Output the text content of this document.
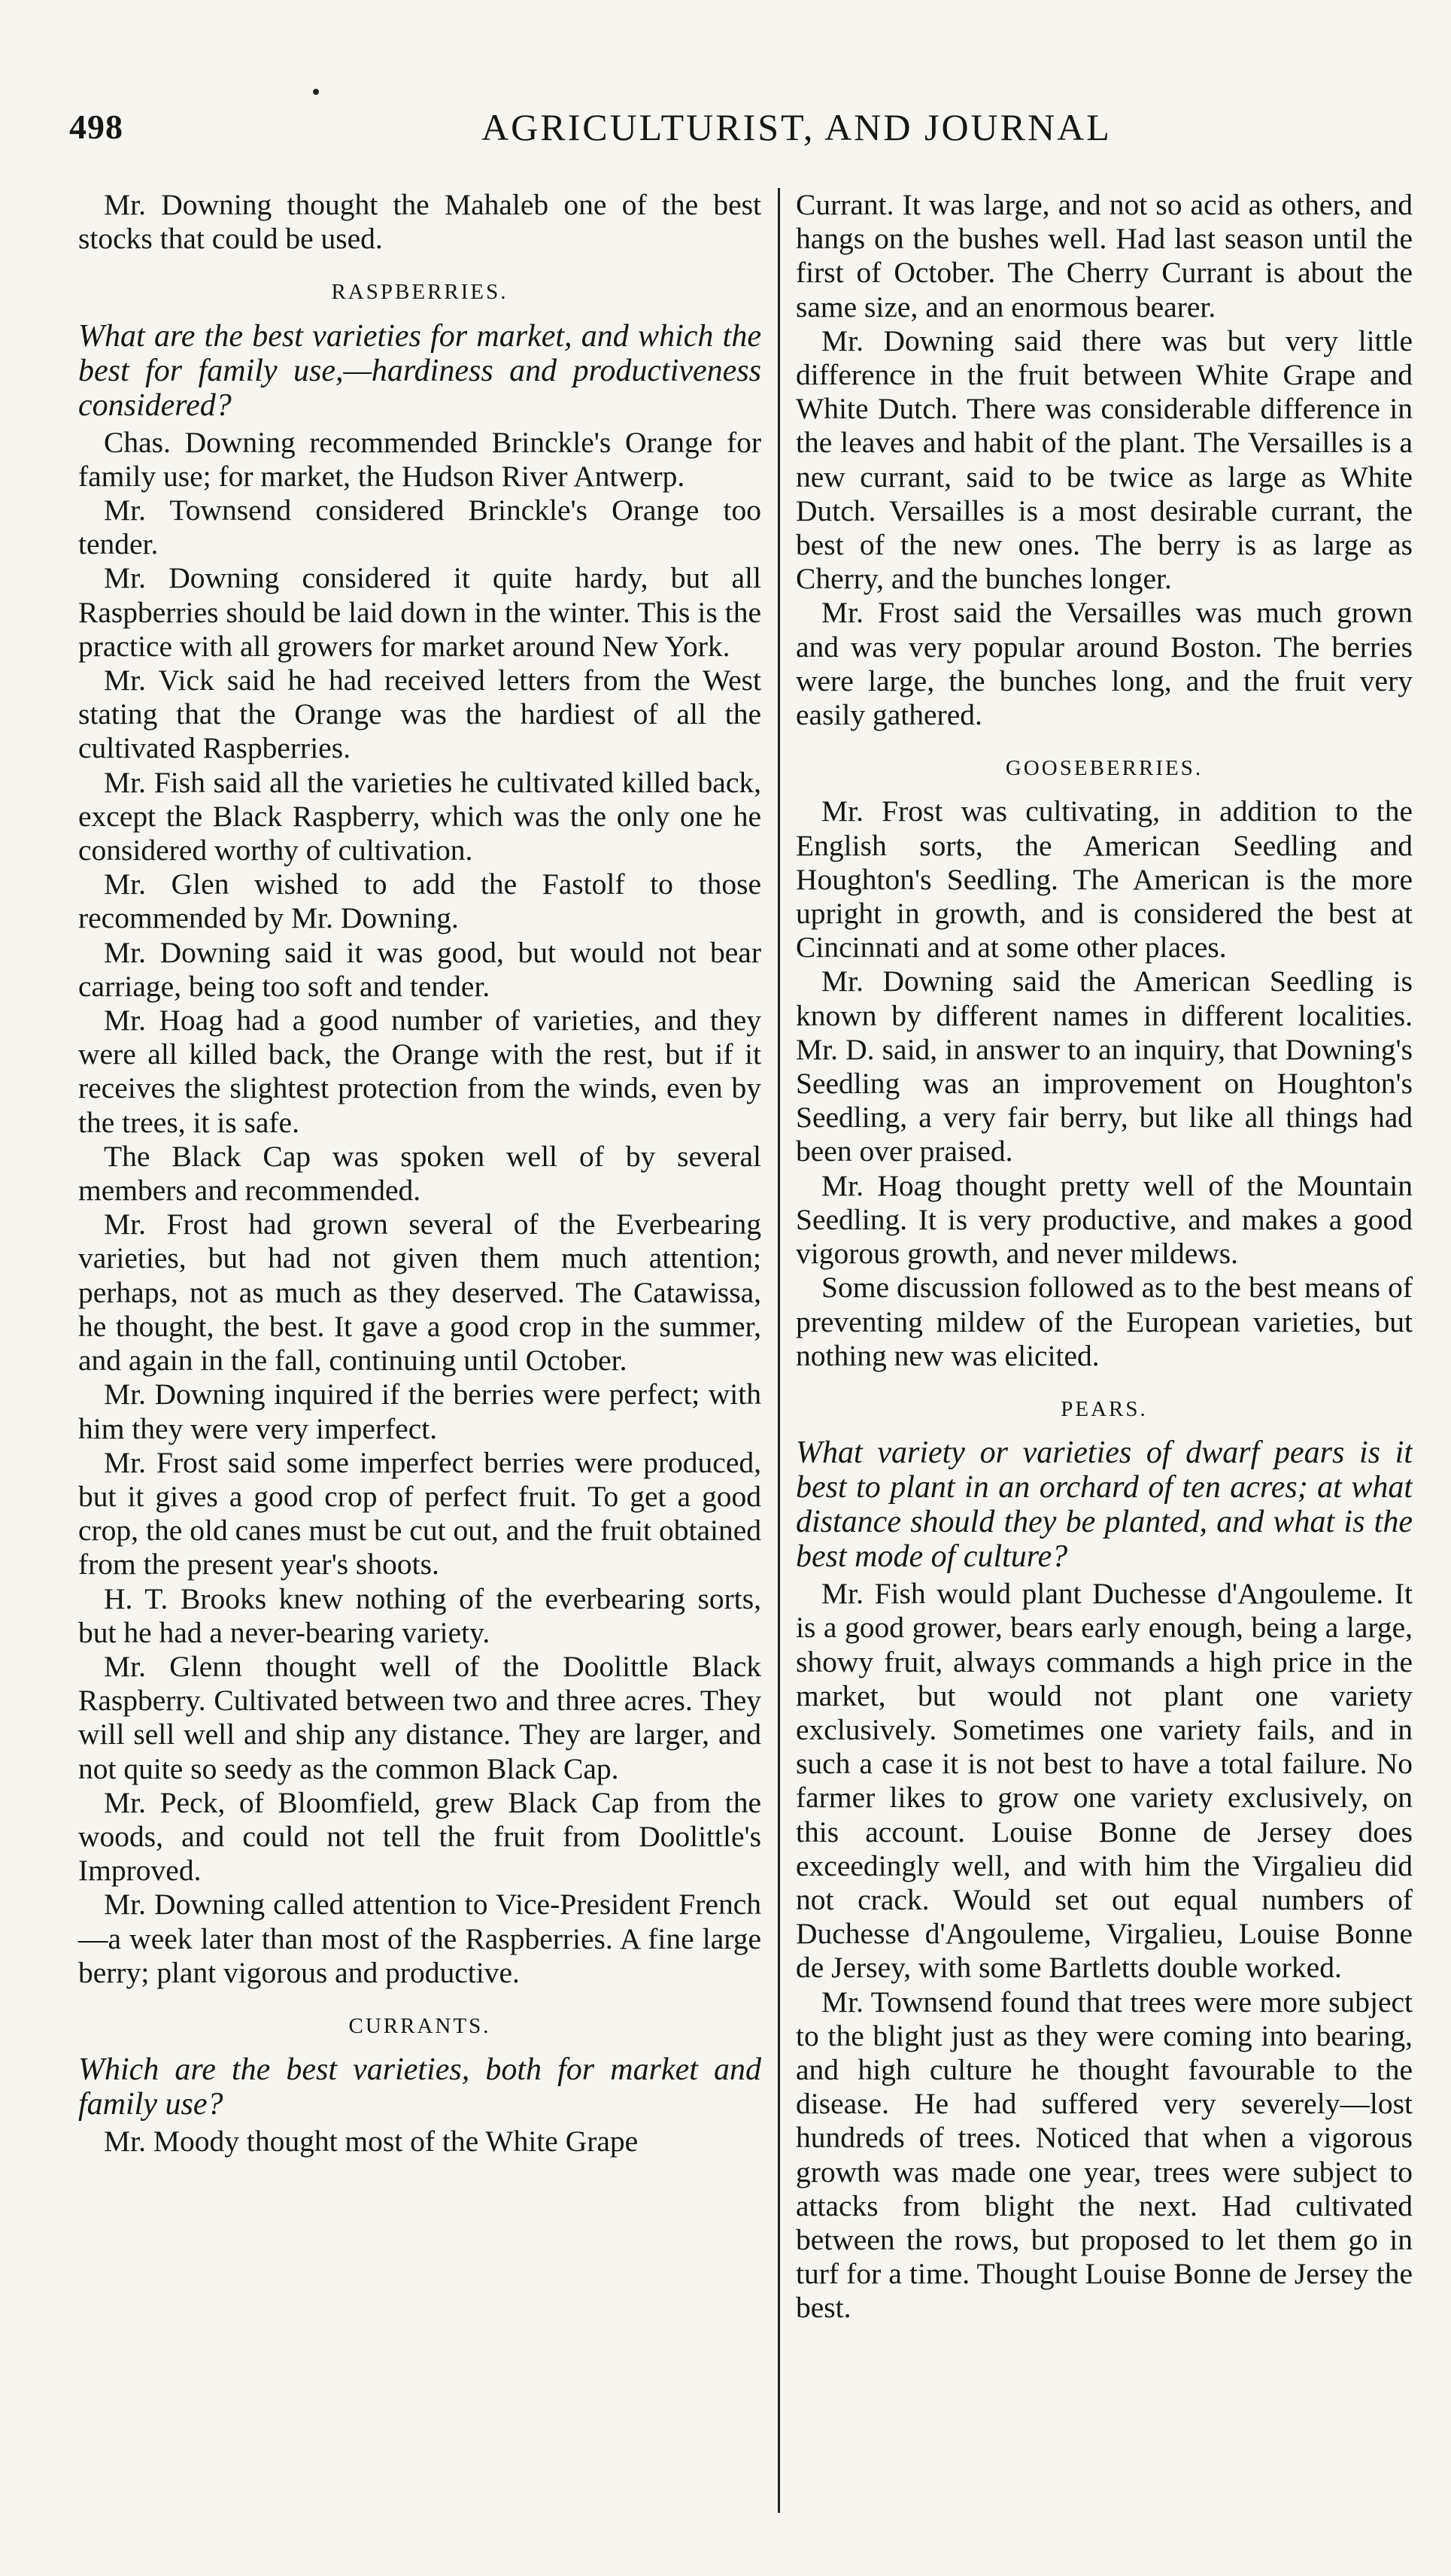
498	AGRICULTURIST, AND JOURNAL

Mr. Downing thought the Mahaleb one of the best stocks that could be used.

RASPBERRIES.

What are the best varieties for market, and which the best for family use,—hardiness and productiveness considered?

Chas. Downing recommended Brinckle's Orange for family use; for market, the Hudson River Antwerp.

Mr. Townsend considered Brinckle's Orange too tender.

Mr. Downing considered it quite hardy, but all Raspberries should be laid down in the winter. This is the practice with all growers for market around New York.

Mr. Vick said he had received letters from the West stating that the Orange was the hardiest of all the cultivated Raspberries.

Mr. Fish said all the varieties he cultivated killed back, except the Black Raspberry, which was the only one he considered worthy of cultivation.

Mr. Glen wished to add the Fastolf to those recommended by Mr. Downing.

Mr. Downing said it was good, but would not bear carriage, being too soft and tender.

Mr. Hoag had a good number of varieties, and they were all killed back, the Orange with the rest, but if it receives the slightest protection from the winds, even by the trees, it is safe.

The Black Cap was spoken well of by several members and recommended.

Mr. Frost had grown several of the Everbearing varieties, but had not given them much attention; perhaps, not as much as they deserved. The Catawissa, he thought, the best. It gave a good crop in the summer, and again in the fall, continuing until October.

Mr. Downing inquired if the berries were perfect; with him they were very imperfect.

Mr. Frost said some imperfect berries were produced, but it gives a good crop of perfect fruit. To get a good crop, the old canes must be cut out, and the fruit obtained from the present year's shoots.

H. T. Brooks knew nothing of the everbearing sorts, but he had a never-bearing variety.

Mr. Glenn thought well of the Doolittle Black Raspberry. Cultivated between two and three acres. They will sell well and ship any distance. They are larger, and not quite so seedy as the common Black Cap.

Mr. Peck, of Bloomfield, grew Black Cap from the woods, and could not tell the fruit from Doolittle's Improved.

Mr. Downing called attention to Vice-President French—a week later than most of the Raspberries. A fine large berry; plant vigorous and productive.

CURRANTS.

Which are the best varieties, both for market and family use?

Mr. Moody thought most of the White Grape

Currant. It was large, and not so acid as others, and hangs on the bushes well. Had last season until the first of October. The Cherry Currant is about the same size, and an enormous bearer.

Mr. Downing said there was but very little difference in the fruit between White Grape and White Dutch. There was considerable difference in the leaves and habit of the plant. The Versailles is a new currant, said to be twice as large as White Dutch. Versailles is a most desirable currant, the best of the new ones. The berry is as large as Cherry, and the bunches longer.

Mr. Frost said the Versailles was much grown and was very popular around Boston. The berries were large, the bunches long, and the fruit very easily gathered.

GOOSEBERRIES.

Mr. Frost was cultivating, in addition to the English sorts, the American Seedling and Houghton's Seedling. The American is the more upright in growth, and is considered the best at Cincinnati and at some other places.

Mr. Downing said the American Seedling is known by different names in different localities. Mr. D. said, in answer to an inquiry, that Downing's Seedling was an improvement on Houghton's Seedling, a very fair berry, but like all things had been over praised.

Mr. Hoag thought pretty well of the Mountain Seedling. It is very productive, and makes a good vigorous growth, and never mildews.

Some discussion followed as to the best means of preventing mildew of the European varieties, but nothing new was elicited.

PEARS.

What variety or varieties of dwarf pears is it best to plant in an orchard of ten acres; at what distance should they be planted, and what is the best mode of culture?

Mr. Fish would plant Duchesse d'Angouleme. It is a good grower, bears early enough, being a large, showy fruit, always commands a high price in the market, but would not plant one variety exclusively. Sometimes one variety fails, and in such a case it is not best to have a total failure. No farmer likes to grow one variety exclusively, on this account. Louise Bonne de Jersey does exceedingly well, and with him the Virgalieu did not crack. Would set out equal numbers of Duchesse d'Angouleme, Virgalieu, Louise Bonne de Jersey, with some Bartletts double worked.

Mr. Townsend found that trees were more subject to the blight just as they were coming into bearing, and high culture he thought favourable to the disease. He had suffered very severely—lost hundreds of trees. Noticed that when a vigorous growth was made one year, trees were subject to attacks from blight the next. Had cultivated between the rows, but proposed to let them go in turf for a time. Thought Louise Bonne de Jersey the best.
